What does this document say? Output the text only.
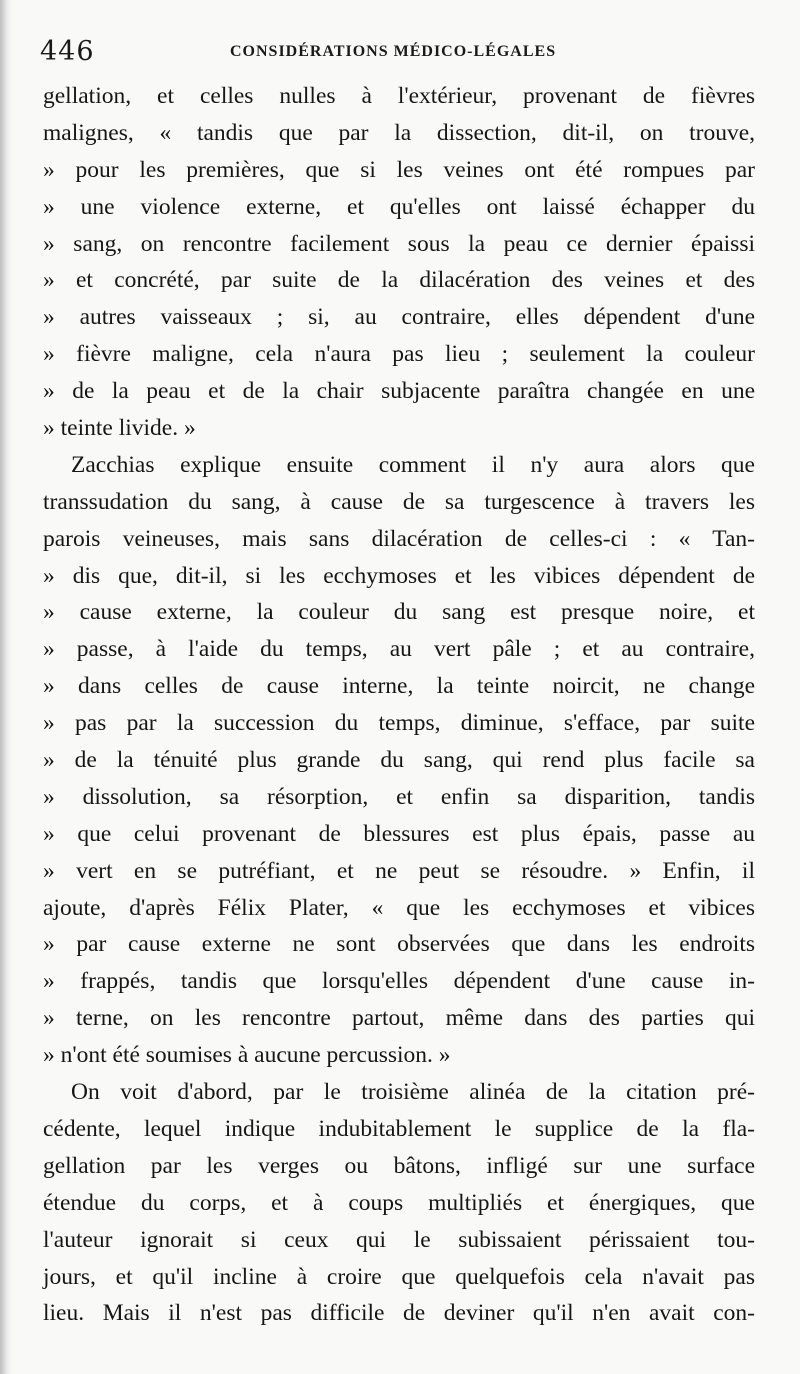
446	CONSIDÉRATIONS MÉDICO-LÉGALES
gellation, et celles nulles à l'extérieur, provenant de fièvres
malignes, « tandis que par la dissection, dit-il, on trouve,
» pour les premières, que si les veines ont été rompues par
» une violence externe, et qu'elles ont laissé échapper du
» sang, on rencontre facilement sous la peau ce dernier épaissi
» et concrété, par suite de la dilacération des veines et des
» autres vaisseaux ; si, au contraire, elles dépendent d'une
» fièvre maligne, cela n'aura pas lieu ; seulement la couleur
» de la peau et de la chair subjacente paraîtra changée en une
» teinte livide. »
Zacchias explique ensuite comment il n'y aura alors que
transsudation du sang, à cause de sa turgescence à travers les
parois veineuses, mais sans dilacération de celles-ci : « Tan-
» dis que, dit-il, si les ecchymoses et les vibices dépendent de
» cause externe, la couleur du sang est presque noire, et
» passe, à l'aide du temps, au vert pâle ; et au contraire,
» dans celles de cause interne, la teinte noircit, ne change
» pas par la succession du temps, diminue, s'efface, par suite
» de la ténuité plus grande du sang, qui rend plus facile sa
» dissolution, sa résorption, et enfin sa disparition, tandis
» que celui provenant de blessures est plus épais, passe au
» vert en se putréfiant, et ne peut se résoudre. » Enfin, il
ajoute, d'après Félix Plater, « que les ecchymoses et vibices
» par cause externe ne sont observées que dans les endroits
» frappés, tandis que lorsqu'elles dépendent d'une cause in-
» terne, on les rencontre partout, même dans des parties qui
» n'ont été soumises à aucune percussion. »
On voit d'abord, par le troisième alinéa de la citation pré-
cédente, lequel indique indubitablement le supplice de la fla-
gellation par les verges ou bâtons, infligé sur une surface
étendue du corps, et à coups multipliés et énergiques, que
l'auteur ignorait si ceux qui le subissaient périssaient tou-
jours, et qu'il incline à croire que quelquefois cela n'avait pas
lieu. Mais il n'est pas difficile de deviner qu'il n'en avait con-
